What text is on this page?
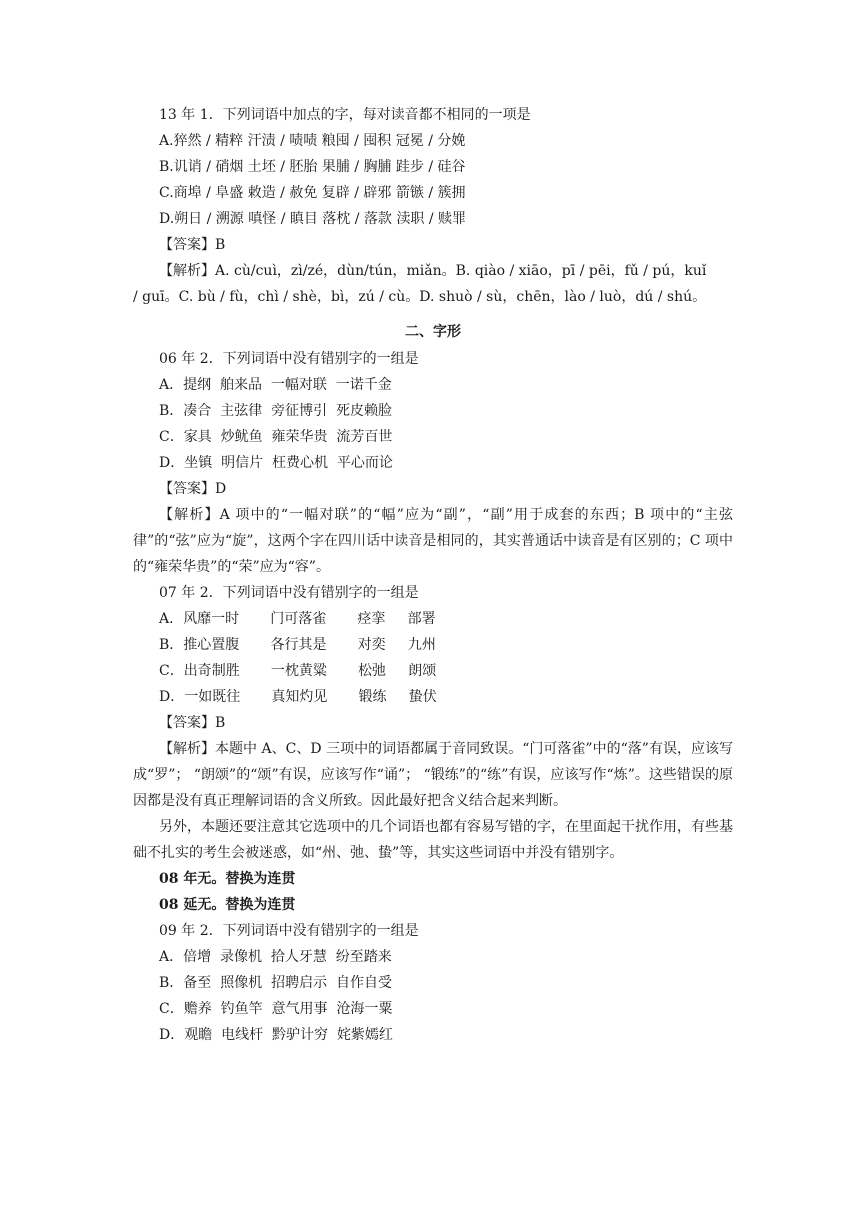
13 年 1．下列词语中加点的字，每对读音都不相同的一项是
A.猝然 / 精粹 汗渍 / 啧啧 粮囤 / 囤积 冠冕 / 分娩
B.讥诮 / 硝烟 土坯 / 胚胎 果脯 / 胸脯 跬步 / 硅谷
C.商埠 / 阜盛 敕造 / 赦免 复辟 / 辟邪 箭镞 / 簇拥
D.朔日 / 溯源 嗔怪 / 瞋目 落枕 / 落款 渎职 / 赎罪
【答案】B
【解析】A. cù/cuì，zì/zé，dùn/tún，miǎn。B. qiào / xiāo，pī / pēi，fǔ / pú，kuǐ
/ guī。C. bù / fù，chì / shè，bì，zú / cù。D. shuò / sù，chēn，lào / luò，dú / shú。
二、字形
06 年 2．下列词语中没有错别字的一组是
A．提纲  舶来品  一幅对联  一诺千金
B．凑合  主弦律  旁征博引  死皮赖脸
C．家具  炒鱿鱼  雍荣华贵  流芳百世
D．坐镇  明信片  枉费心机  平心而论
【答案】D
【解析】A 项中的“一幅对联”的“幅”应为“副”，“副”用于成套的东西；B 项中的“主弦律”的“弦”应为“旋”，这两个字在四川话中读音是相同的，其实普通话中读音是有区别的；C 项中的“雍荣华贵”的“荣”应为“容”。
07 年 2．下列词语中没有错别字的一组是
A．风靡一时       门可落雀       痉挛     部署
B．推心置腹       各行其是       对奕     九州
C．出奇制胜       一枕黄粱       松弛     朗颂
D．一如既往       真知灼见       锻练     蛰伏
【答案】B
【解析】本题中 A、C、D 三项中的词语都属于音同致误。“门可落雀”中的“落”有误，应该写成“罗”； “朗颂”的“颂”有误，应该写作“诵”； “锻练”的“练”有误，应该写作“炼”。这些错误的原因都是没有真正理解词语的含义所致。因此最好把含义结合起来判断。
另外，本题还要注意其它选项中的几个词语也都有容易写错的字，在里面起干扰作用，有些基础不扎实的考生会被迷惑，如“州、弛、蛰”等，其实这些词语中并没有错别字。
08 年无。替换为连贯
08 延无。替换为连贯
09 年 2．下列词语中没有错别字的一组是
A．倍增  录像机  拾人牙慧  纷至踏来
B．备至  照像机  招聘启示  自作自受
C．赡养  钓鱼竿  意气用事  沧海一粟
D．观瞻  电线杆  黔驴计穷  姹紫嫣红
